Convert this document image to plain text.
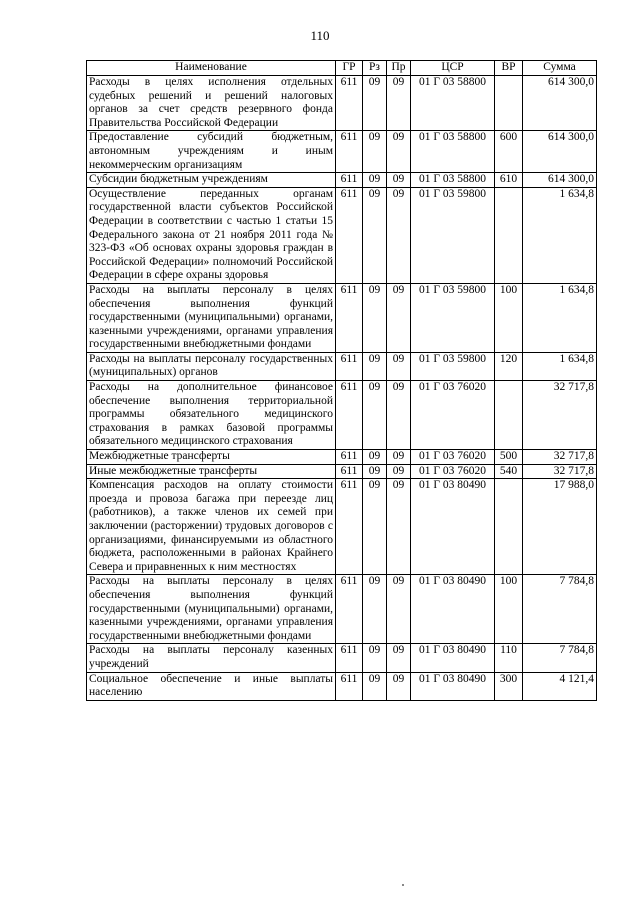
110
Наименование	ГР	Рз	Пр	ЦСР	ВР	Сумма
Расходы в целях исполнения отдельных судебных решений и решений налоговых органов за счет средств резервного фонда Правительства Российской Федерации	611	09	09	01 Г 03 58800		614 300,0
Предоставление субсидий бюджетным, автономным учреждениям и иным некоммерческим организациям	611	09	09	01 Г 03 58800	600	614 300,0
Субсидии бюджетным учреждениям	611	09	09	01 Г 03 58800	610	614 300,0
Осуществление переданных органам государственной власти субъектов Российской Федерации в соответствии с частью 1 статьи 15 Федерального закона от 21 ноября 2011 года № 323-ФЗ «Об основах охраны здоровья граждан в Российской Федерации» полномочий Российской Федерации в сфере охраны здоровья	611	09	09	01 Г 03 59800		1 634,8
Расходы на выплаты персоналу в целях обеспечения выполнения функций государственными (муниципальными) органами, казенными учреждениями, органами управления государственными внебюджетными фондами	611	09	09	01 Г 03 59800	100	1 634,8
Расходы на выплаты персоналу государственных (муниципальных) органов	611	09	09	01 Г 03 59800	120	1 634,8
Расходы на дополнительное финансовое обеспечение выполнения территориальной программы обязательного медицинского страхования в рамках базовой программы обязательного медицинского страхования	611	09	09	01 Г 03 76020		32 717,8
Межбюджетные трансферты	611	09	09	01 Г 03 76020	500	32 717,8
Иные межбюджетные трансферты	611	09	09	01 Г 03 76020	540	32 717,8
Компенсация расходов на оплату стоимости проезда и провоза багажа при переезде лиц (работников), а также членов их семей при заключении (расторжении) трудовых договоров с организациями, финансируемыми из областного бюджета, расположенными в районах Крайнего Севера и приравненных к ним местностях	611	09	09	01 Г 03 80490		17 988,0
Расходы на выплаты персоналу в целях обеспечения выполнения функций государственными (муниципальными) органами, казенными учреждениями, органами управления государственными внебюджетными фондами	611	09	09	01 Г 03 80490	100	7 784,8
Расходы на выплаты персоналу казенных учреждений	611	09	09	01 Г 03 80490	110	7 784,8
Социальное обеспечение и иные выплаты населению	611	09	09	01 Г 03 80490	300	4 121,4
